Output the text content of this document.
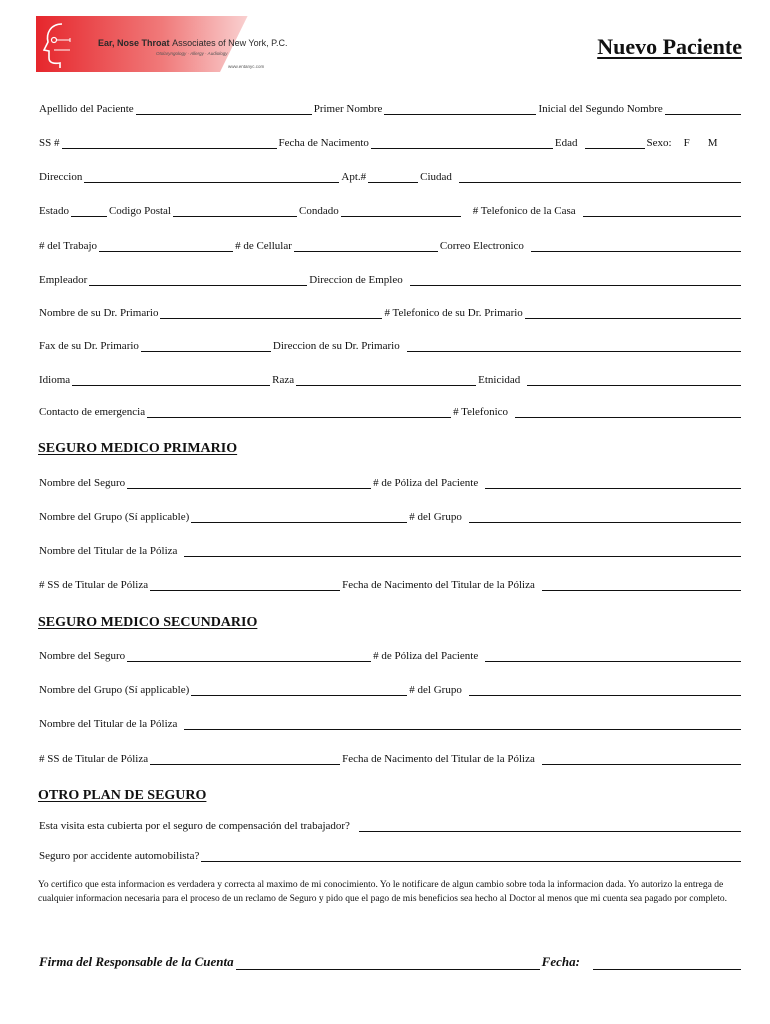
Ear, Nose Throat Associates of New York, P.C.
Otolaryngology · Allergy · Audiology
www.entanyc.com
Nuevo Paciente
Apellido del Paciente	Primer Nombre	Inicial del Segundo Nombre
SS #	Fecha de Nacimento	Edad	Sexo: F M
Direccion	Apt.#	Ciudad
Estado	Codigo Postal	Condado	# Telefonico de la Casa
# del Trabajo	# de Cellular	Correo Electronico
Empleador	Direccion de Empleo
Nombre de su Dr. Primario	# Telefonico de su Dr. Primario
Fax de su Dr. Primario	Direccion de su Dr. Primario
Idioma	Raza	Etnicidad
Contacto de emergencia	# Telefonico
SEGURO MEDICO PRIMARIO
Nombre del Seguro	# de Póliza del Paciente
Nombre del Grupo (Sí applicable)	# del Grupo
Nombre del Titular de la Póliza
# SS de Titular de Póliza	Fecha de Nacimento del Titular de la Póliza
SEGURO MEDICO SECUNDARIO
Nombre del Seguro	# de Póliza del Paciente
Nombre del Grupo (Sí applicable)	# del Grupo
Nombre del Titular de la Póliza
# SS de Titular de Póliza	Fecha de Nacimento del Titular de la Póliza
OTRO PLAN DE SEGURO
Esta visita esta cubierta por el seguro de compensación del trabajador?
Seguro por accidente automobilista?
Yo certifico que esta informacion es verdadera y correcta al maximo de mi conocimiento. Yo le notificare de algun cambio sobre toda la informacion dada. Yo autorizo la entrega de cualquier informacion necesaria para el proceso de un reclamo de Seguro y pido que el pago de mis beneficios sea hecho al Doctor al menos que mi cuenta sea pagado por completo.
Firma del Responsable de la Cuenta	Fecha:
